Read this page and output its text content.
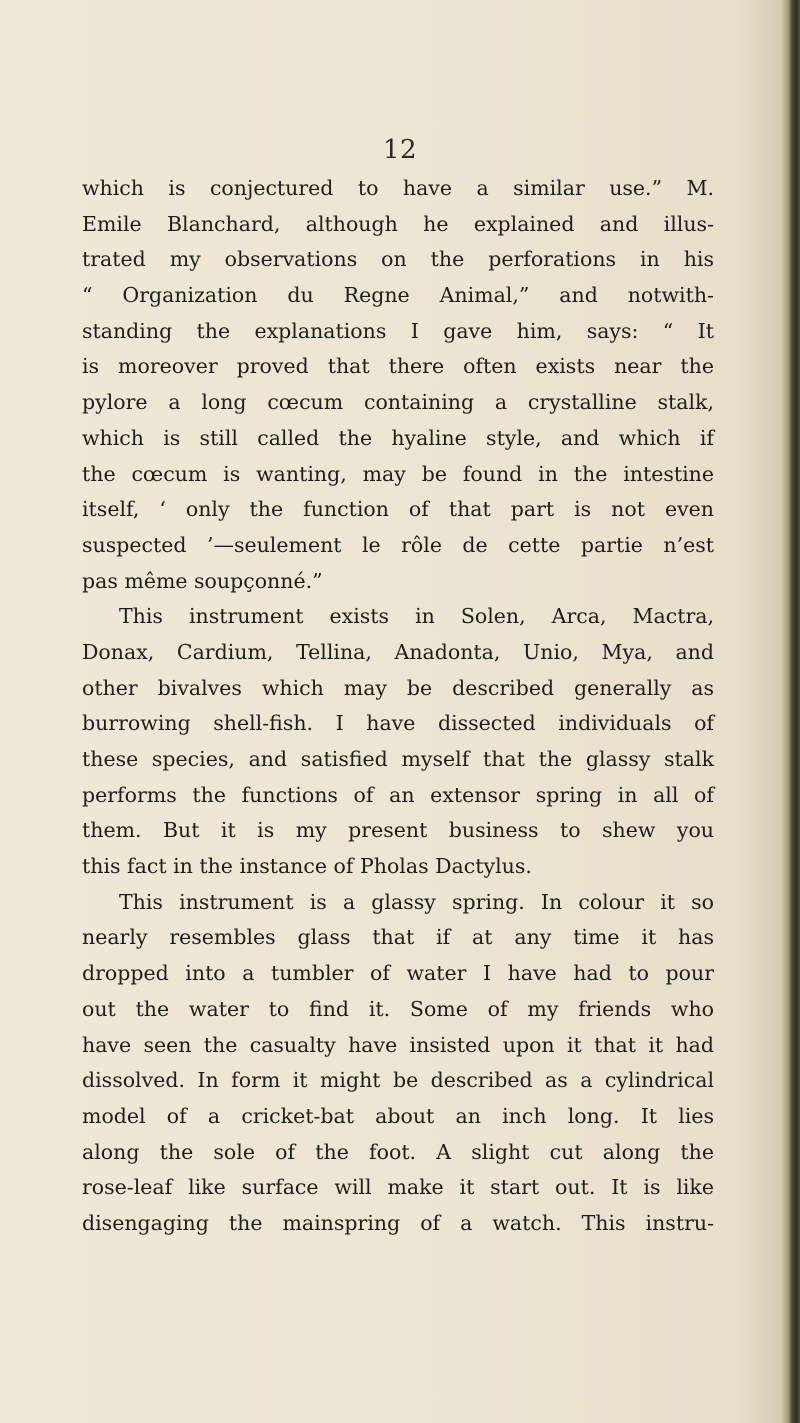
12
which is conjectured to have a similar use.” M.
Emile Blanchard, although he explained and illus-
trated my observations on the perforations in his
“ Organization du Regne Animal,” and notwith-
standing the explanations I gave him, says: “ It
is moreover proved that there often exists near the
pylore a long cœcum containing a crystalline stalk,
which is still called the hyaline style, and which if
the cœcum is wanting, may be found in the intestine
itself, ‘ only the function of that part is not even
suspected ’—seulement le rôle de cette partie n’est
pas même soupçonné.”
This instrument exists in Solen, Arca, Mactra,
Donax, Cardium, Tellina, Anadonta, Unio, Mya, and
other bivalves which may be described generally as
burrowing shell-fish. I have dissected individuals of
these species, and satisfied myself that the glassy stalk
performs the functions of an extensor spring in all of
them. But it is my present business to shew you
this fact in the instance of Pholas Dactylus.
This instrument is a glassy spring. In colour it so
nearly resembles glass that if at any time it has
dropped into a tumbler of water I have had to pour
out the water to find it. Some of my friends who
have seen the casualty have insisted upon it that it had
dissolved. In form it might be described as a cylindrical
model of a cricket-bat about an inch long. It lies
along the sole of the foot. A slight cut along the
rose-leaf like surface will make it start out. It is like
disengaging the mainspring of a watch. This instru-
